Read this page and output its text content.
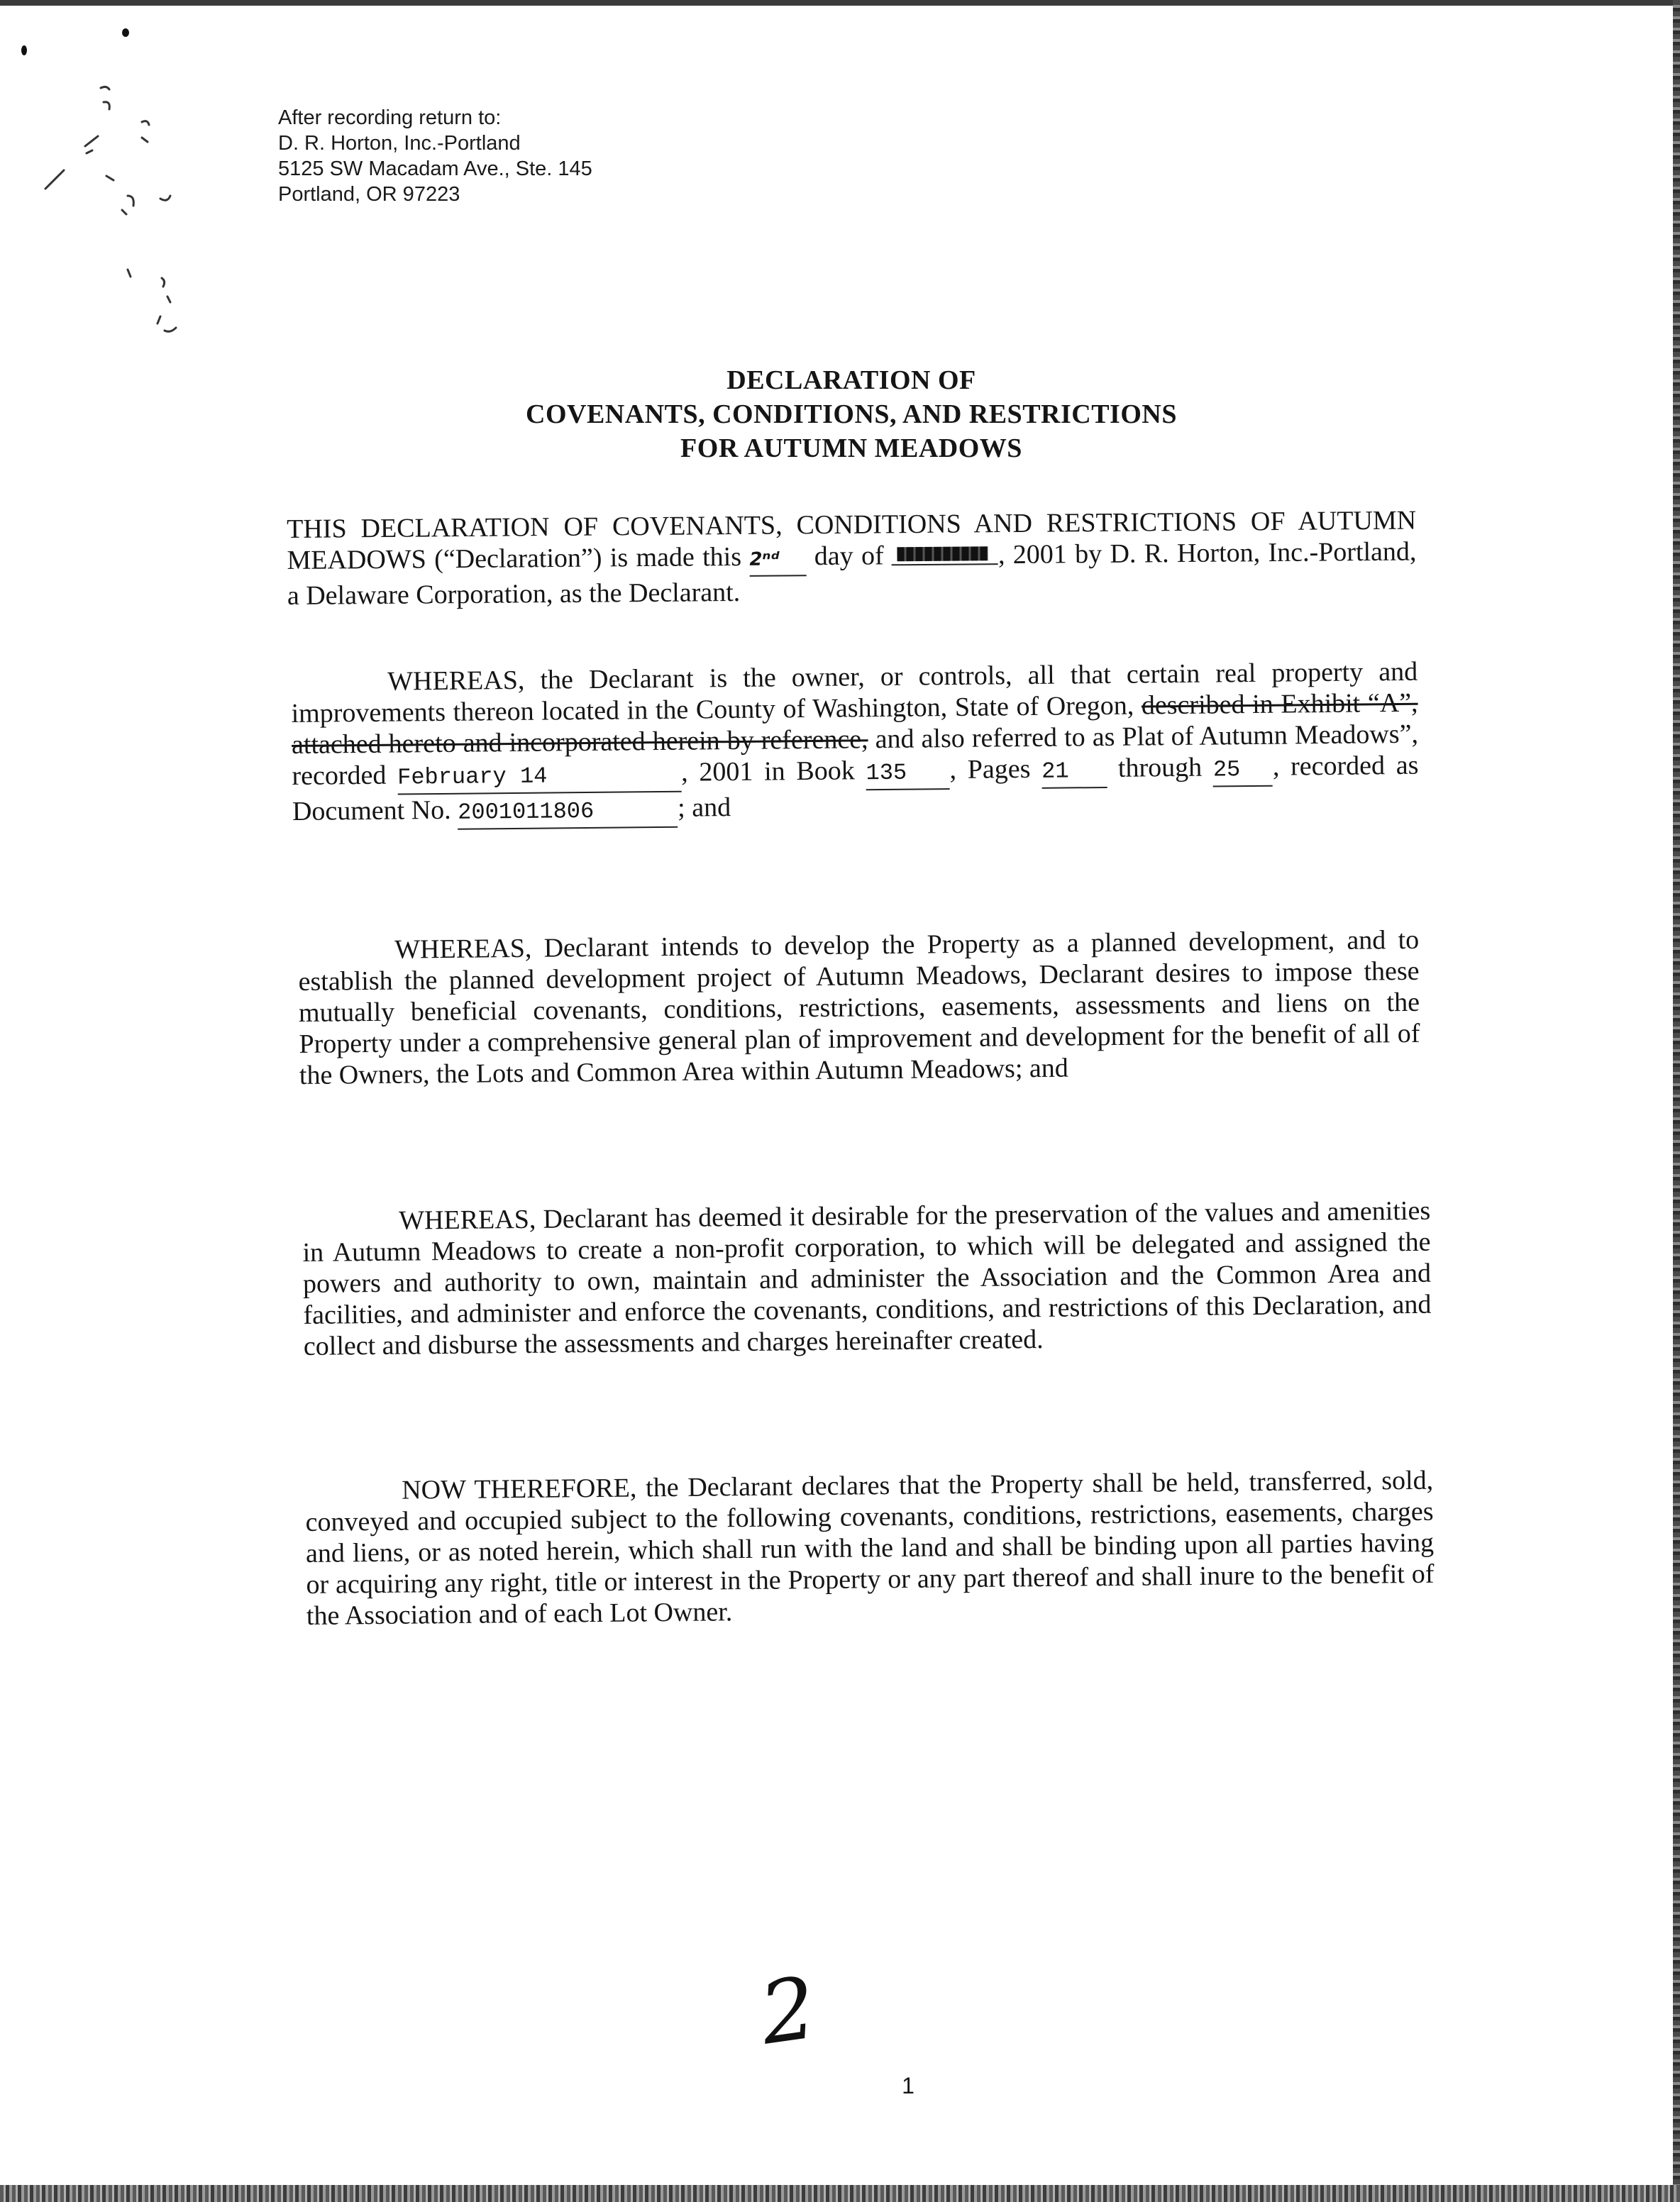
After recording return to:
D. R. Horton, Inc.-Portland
5125 SW Macadam Ave., Ste. 145
Portland, OR 97223
DECLARATION OF
COVENANTS, CONDITIONS, AND RESTRICTIONS
FOR AUTUMN MEADOWS
THIS DECLARATION OF COVENANTS, CONDITIONS AND RESTRICTIONS OF AUTUMN MEADOWS (“Declaration”) is made this 2ⁿᵈ day of	, 2001 by D. R. Horton, Inc.-Portland, a Delaware Corporation, as the Declarant.
WHEREAS, the Declarant is the owner, or controls, all that certain real property and improvements thereon located in the County of Washington, State of Oregon, described in Exhibit “A”, attached hereto and incorporated herein by reference, and also referred to as Plat of Autumn Meadows”, recorded February 14	, 2001 in Book 135 , Pages 21 through 25 , recorded as Document No. 2001011806	; and
WHEREAS, Declarant intends to develop the Property as a planned development, and to establish the planned development project of Autumn Meadows, Declarant desires to impose these mutually beneficial covenants, conditions, restrictions, easements, assessments and liens on the Property under a comprehensive general plan of improvement and development for the benefit of all of the Owners, the Lots and Common Area within Autumn Meadows; and
WHEREAS, Declarant has deemed it desirable for the preservation of the values and amenities in Autumn Meadows to create a non-profit corporation, to which will be delegated and assigned the powers and authority to own, maintain and administer the Association and the Common Area and facilities, and administer and enforce the covenants, conditions, and restrictions of this Declaration, and collect and disburse the assessments and charges hereinafter created.
NOW THEREFORE, the Declarant declares that the Property shall be held, transferred, sold, conveyed and occupied subject to the following covenants, conditions, restrictions, easements, charges and liens, or as noted herein, which shall run with the land and shall be binding upon all parties having or acquiring any right, title or interest in the Property or any part thereof and shall inure to the benefit of the Association and of each Lot Owner.
2
1
